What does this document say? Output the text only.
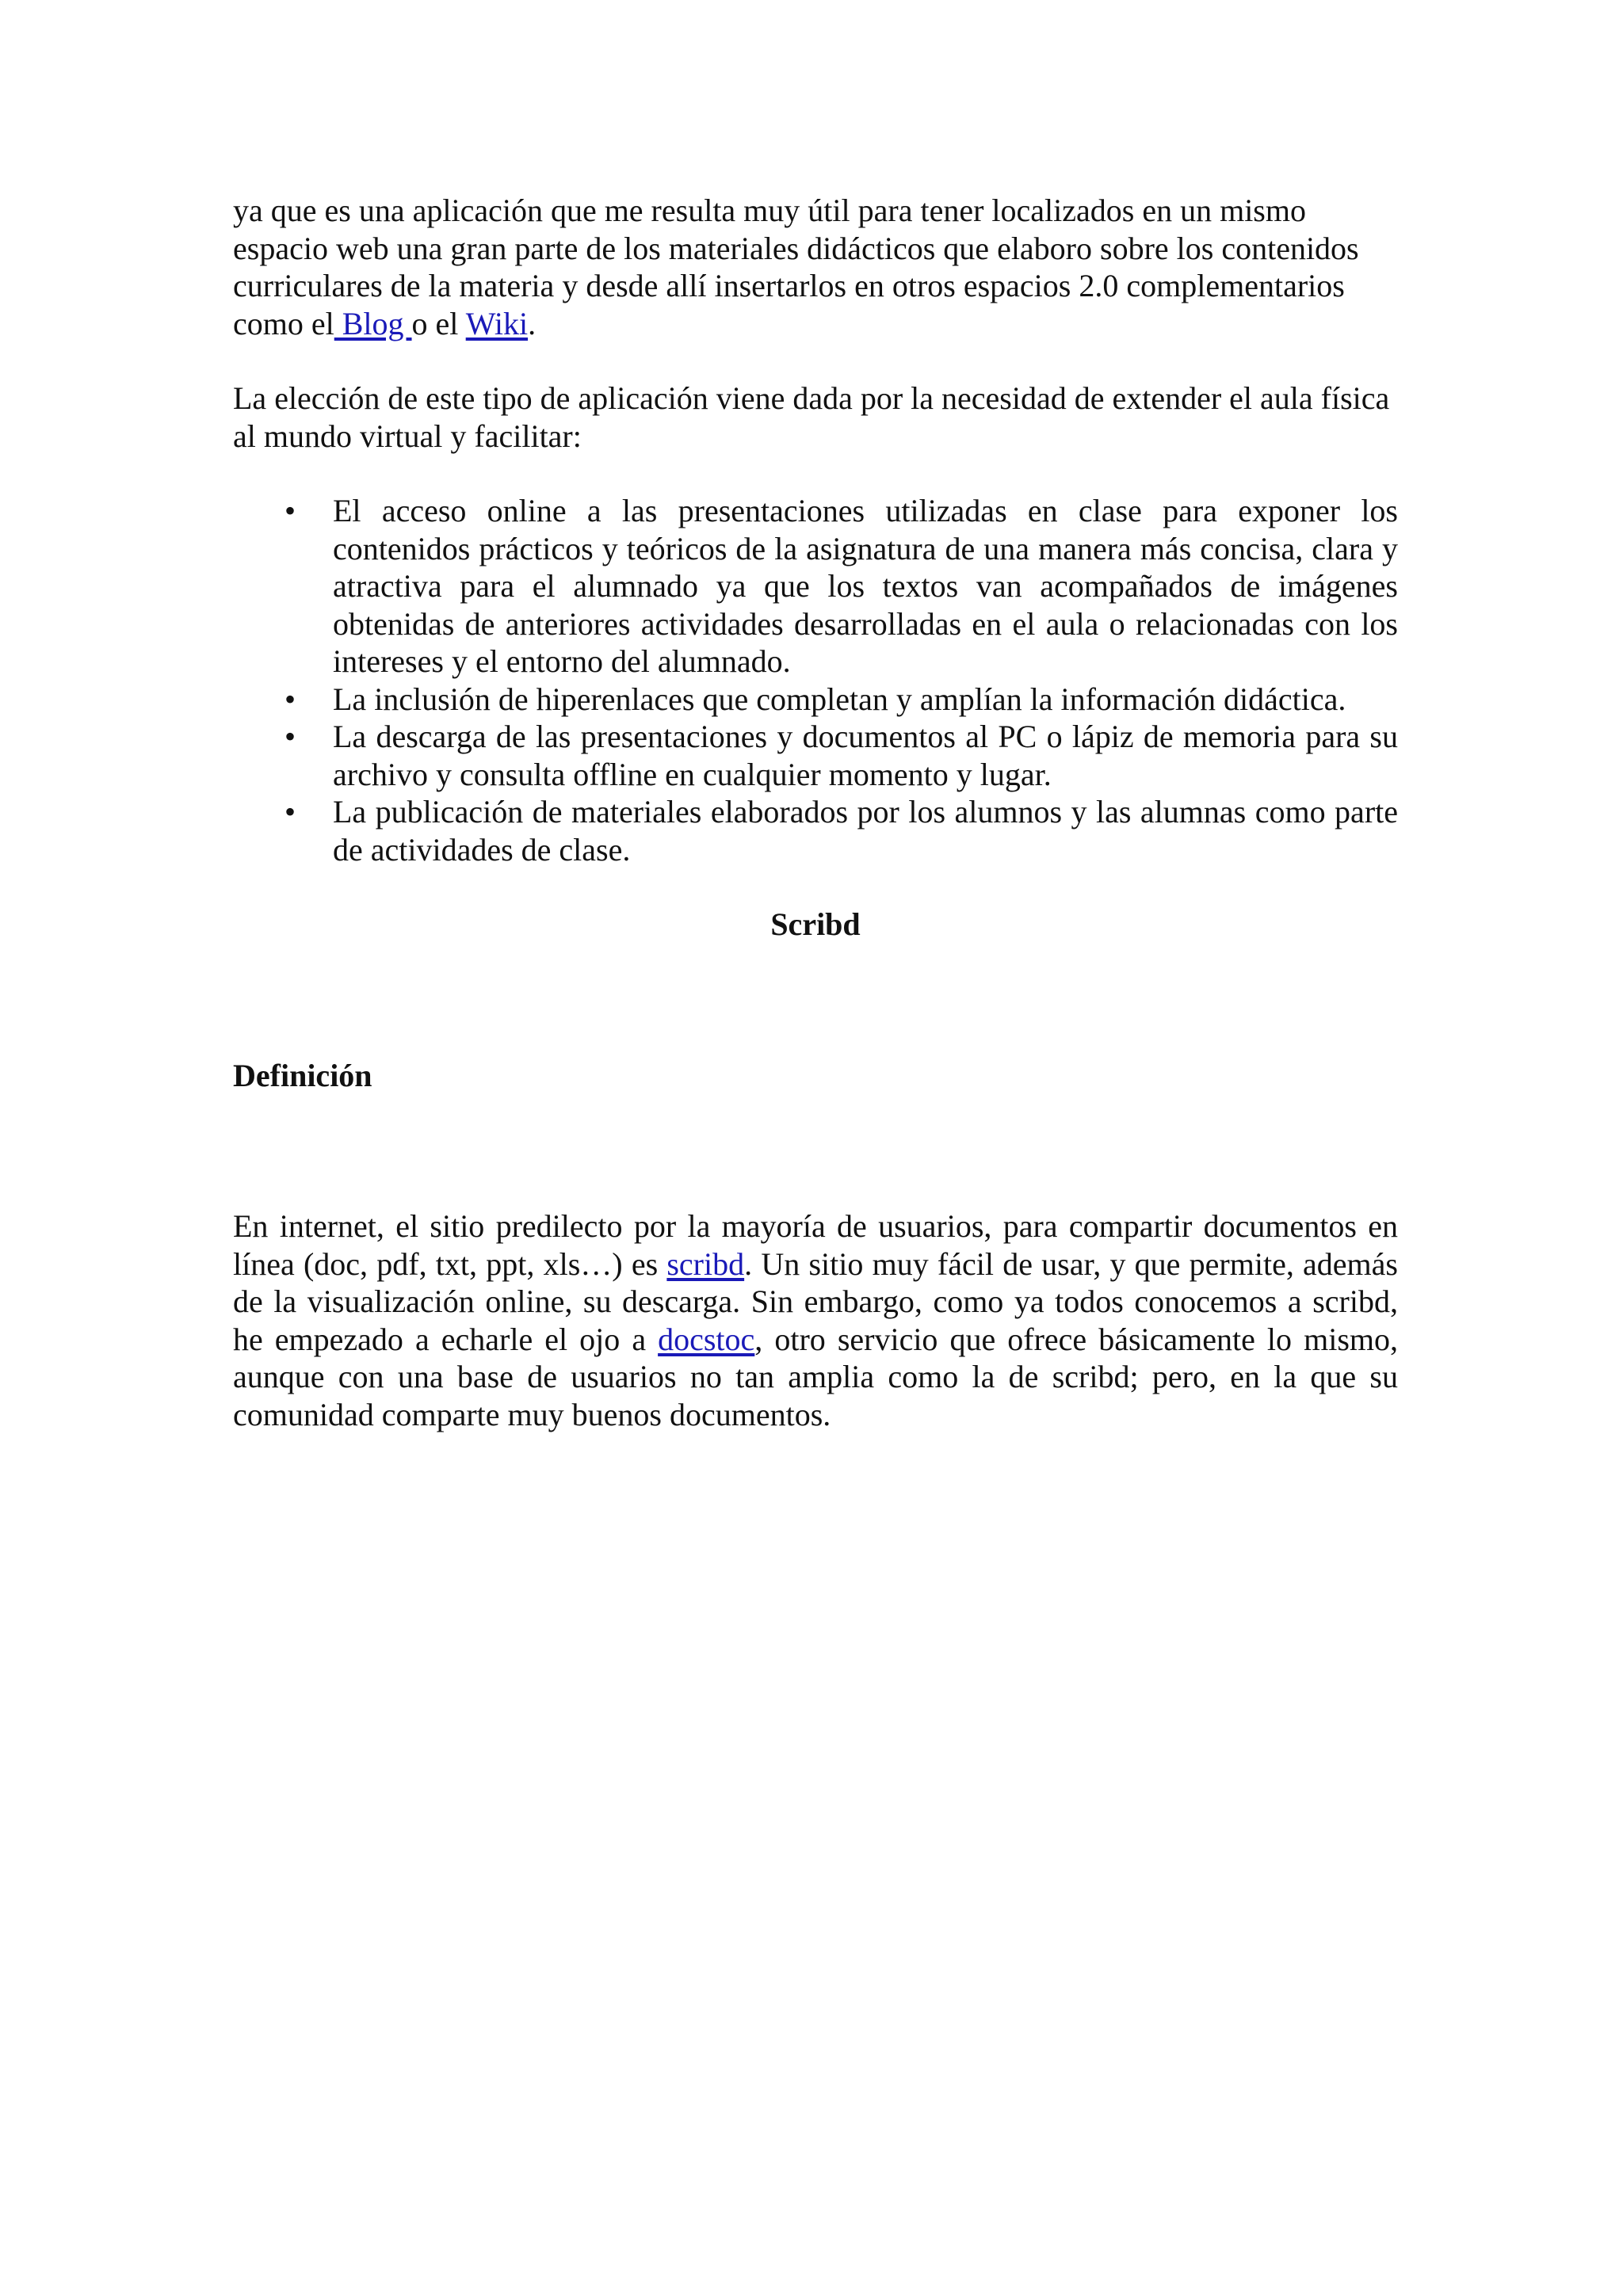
ya que es una aplicación que me resulta muy útil para tener localizados en un mismo espacio web una gran parte de los materiales didácticos que elaboro sobre los contenidos curriculares de la materia y desde allí insertarlos en otros espacios 2.0 complementarios como el Blog o el Wiki.

La elección de este tipo de aplicación viene dada por la necesidad de extender el aula física al mundo virtual y facilitar:

• El acceso online a las presentaciones utilizadas en clase para exponer los contenidos prácticos y teóricos de la asignatura de una manera más concisa, clara y atractiva para el alumnado ya que los textos van acompañados de imágenes obtenidas de anteriores actividades desarrolladas en el aula o relacionadas con los intereses y el entorno del alumnado.
• La inclusión de hiperenlaces que completan y amplían la información didáctica.
• La descarga de las presentaciones y documentos al PC o lápiz de memoria para su archivo y consulta offline en cualquier momento y lugar.
• La publicación de materiales elaborados por los alumnos y las alumnas como parte de actividades de clase.

Scribd

Definición

En internet, el sitio predilecto por la mayoría de usuarios, para compartir documentos en línea (doc, pdf, txt, ppt, xls…) es scribd. Un sitio muy fácil de usar, y que permite, además de la visualización online, su descarga. Sin embargo, como ya todos conocemos a scribd, he empezado a echarle el ojo a docstoc, otro servicio que ofrece básicamente lo mismo, aunque con una base de usuarios no tan amplia como la de scribd; pero, en la que su comunidad comparte muy buenos documentos.
